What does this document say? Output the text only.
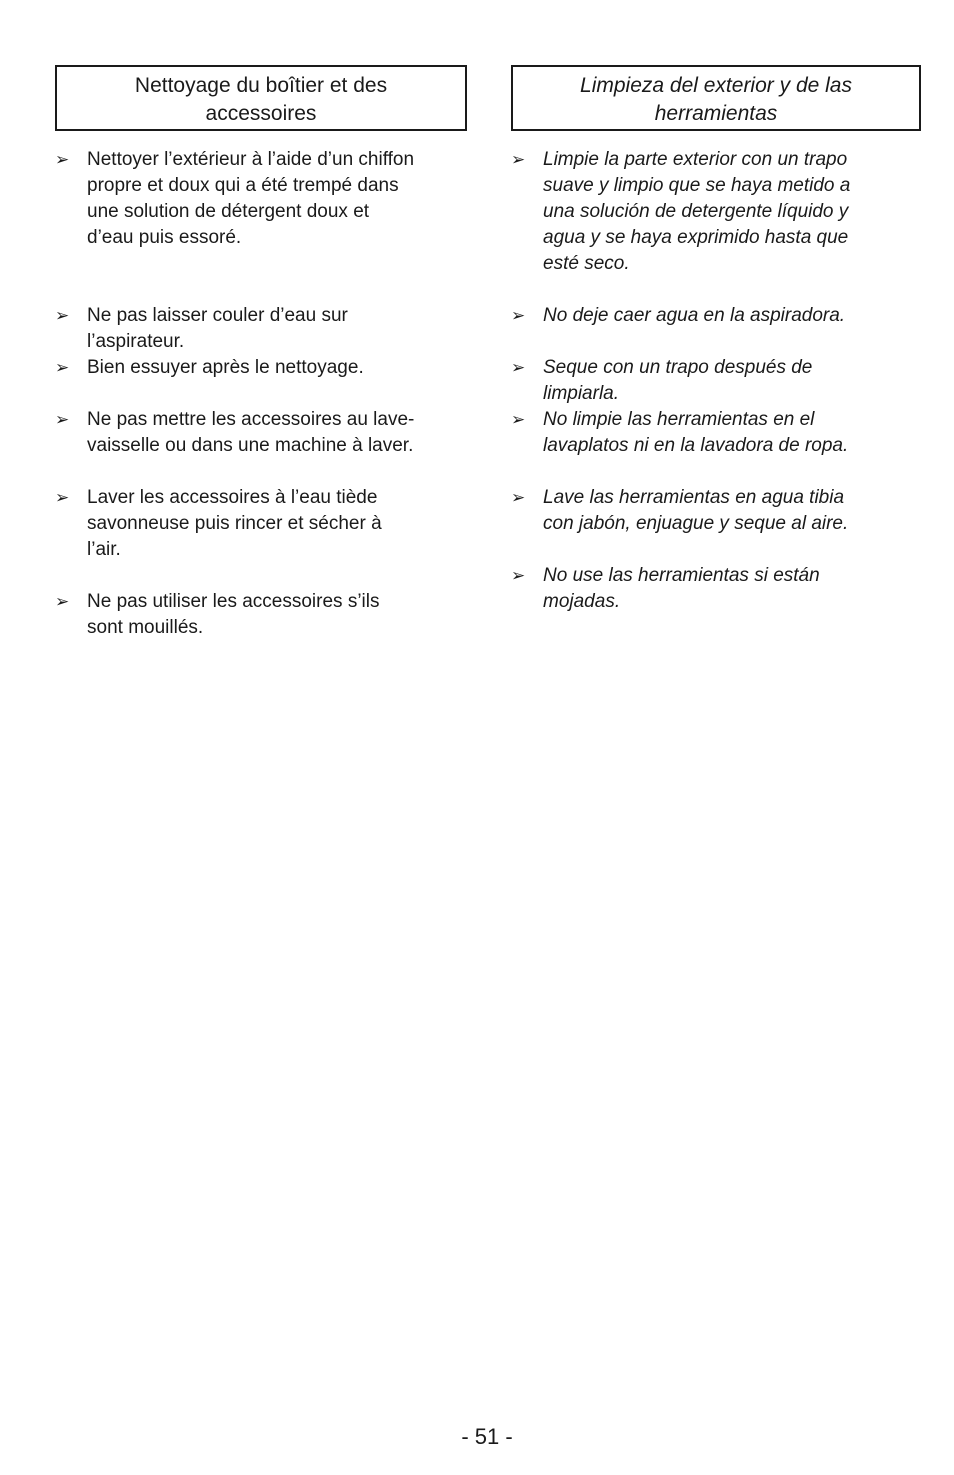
Nettoyage du boîtier et des
accessoires
➢ Nettoyer l’extérieur à l’aide d’un chiffon
propre et doux qui a été trempé dans
une solution de détergent doux et
d’eau puis essoré.
➢ Ne pas laisser couler d’eau sur
l’aspirateur.
➢ Bien essuyer après le nettoyage.
➢ Ne pas mettre les accessoires au lave-
vaisselle ou dans une machine à laver.
➢ Laver les accessoires à l’eau tiède
savonneuse puis rincer et sécher à
l’air.
➢ Ne pas utiliser les accessoires s’ils
sont mouillés.
Limpieza del exterior y de las
herramientas
➢ Limpie la parte exterior con un trapo
suave y limpio que se haya metido a
una solución de detergente líquido y
agua y se haya exprimido hasta que
esté seco.
➢ No deje caer agua en la aspiradora.
➢ Seque con un trapo después de
limpiarla.
➢ No limpie las herramientas en el
lavaplatos ni en la lavadora de ropa.
➢ Lave las herramientas en agua tibia
con jabón, enjuague y seque al aire.
➢ No use las herramientas si están
mojadas.
- 51 -
